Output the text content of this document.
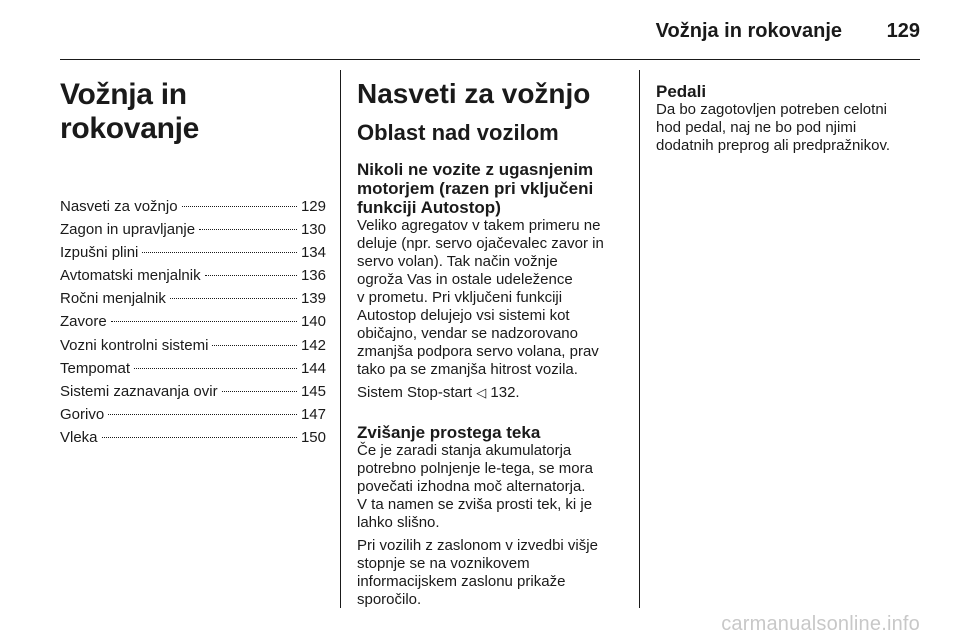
Vožnja in rokovanje 129
Vožnja in rokovanje
Nasveti za vožnjo	129
Zagon in upravljanje	130
Izpušni plini	134
Avtomatski menjalnik	136
Ročni menjalnik	139
Zavore	140
Vozni kontrolni sistemi	142
Tempomat	144
Sistemi zaznavanja ovir	145
Gorivo	147
Vleka	150
Nasveti za vožnjo
Oblast nad vozilom
Nikoli ne vozite z ugasnjenim
motorjem (razen pri vključeni
funkciji Autostop)
Veliko agregatov v takem primeru ne
deluje (npr. servo ojačevalec zavor in
servo volan). Tak način vožnje
ogroža Vas in ostale udeležence
v prometu. Pri vključeni funkciji
Autostop delujejo vsi sistemi kot
običajno, vendar se nadzorovano
zmanjša podpora servo volana, prav
tako pa se zmanjša hitrost vozila.
Sistem Stop-start ◁ 132.
Zvišanje prostega teka
Če je zaradi stanja akumulatorja
potrebno polnjenje le-tega, se mora
povečati izhodna moč alternatorja.
V ta namen se zviša prosti tek, ki je
lahko slišno.
Pri vozilih z zaslonom v izvedbi višje
stopnje se na voznikovem
informacijskem zaslonu prikaže
sporočilo.
Pedali
Da bo zagotovljen potreben celotni
hod pedal, naj ne bo pod njimi
dodatnih preprog ali predpražnikov.
carmanualsonline.info
